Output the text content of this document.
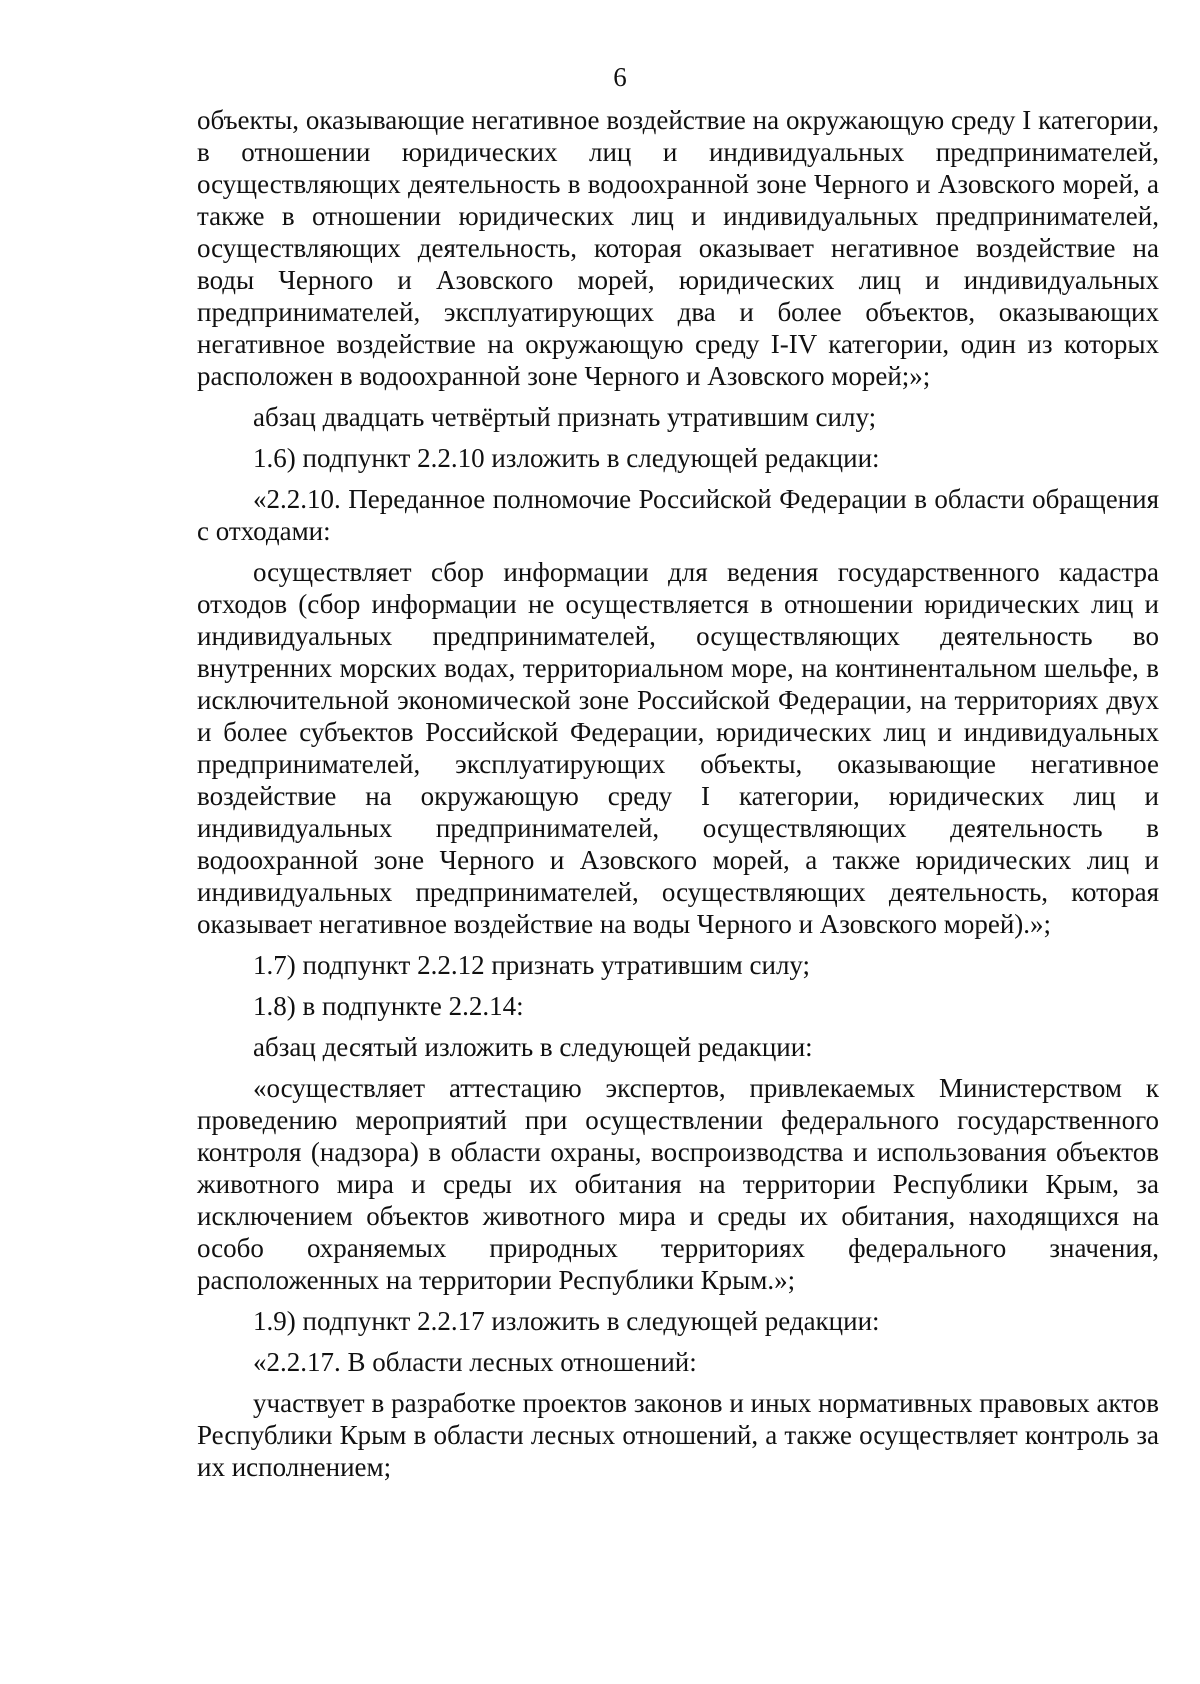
6

объекты, оказывающие негативное воздействие на окружающую среду I категории, в отношении юридических лиц и индивидуальных предпринимателей, осуществляющих деятельность в водоохранной зоне Черного и Азовского морей, а также в отношении юридических лиц и индивидуальных предпринимателей, осуществляющих деятельность, которая оказывает негативное воздействие на воды Черного и Азовского морей, юридических лиц и индивидуальных предпринимателей, эксплуатирующих два и более объектов, оказывающих негативное воздействие на окружающую среду I-IV категории, один из которых расположен в водоохранной зоне Черного и Азовского морей;»;

абзац двадцать четвёртый признать утратившим силу;

1.6) подпункт 2.2.10 изложить в следующей редакции:

«2.2.10. Переданное полномочие Российской Федерации в области обращения с отходами:

осуществляет сбор информации для ведения государственного кадастра отходов (сбор информации не осуществляется в отношении юридических лиц и индивидуальных предпринимателей, осуществляющих деятельность во внутренних морских водах, территориальном море, на континентальном шельфе, в исключительной экономической зоне Российской Федерации, на территориях двух и более субъектов Российской Федерации, юридических лиц и индивидуальных предпринимателей, эксплуатирующих объекты, оказывающие негативное воздействие на окружающую среду I категории, юридических лиц и индивидуальных предпринимателей, осуществляющих деятельность в водоохранной зоне Черного и Азовского морей, а также юридических лиц и индивидуальных предпринимателей, осуществляющих деятельность, которая оказывает негативное воздействие на воды Черного и Азовского морей).»;

1.7) подпункт 2.2.12 признать утратившим силу;

1.8) в подпункте 2.2.14:

абзац десятый изложить в следующей редакции:

«осуществляет аттестацию экспертов, привлекаемых Министерством к проведению мероприятий при осуществлении федерального государственного контроля (надзора) в области охраны, воспроизводства и использования объектов животного мира и среды их обитания на территории Республики Крым, за исключением объектов животного мира и среды их обитания, находящихся на особо охраняемых природных территориях федерального значения, расположенных на территории Республики Крым.»;

1.9) подпункт 2.2.17 изложить в следующей редакции:

«2.2.17. В области лесных отношений:

участвует в разработке проектов законов и иных нормативных правовых актов Республики Крым в области лесных отношений, а также осуществляет контроль за их исполнением;
